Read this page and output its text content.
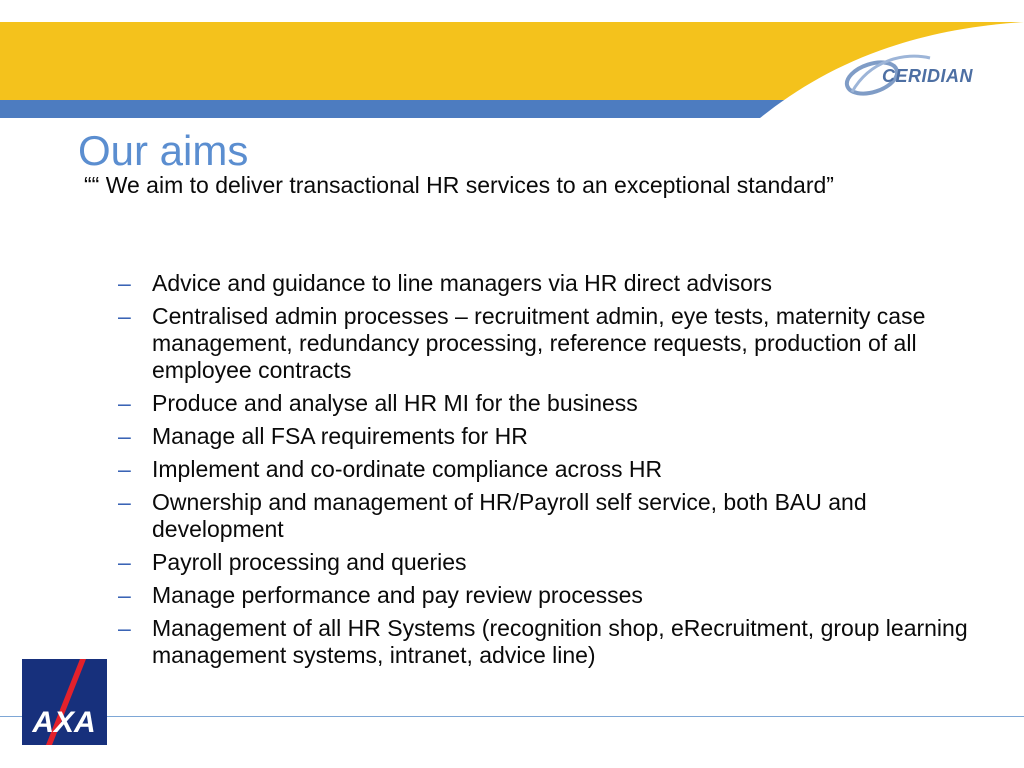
CERIDIAN
Our aims
““ We aim to deliver transactional HR services to an exceptional standard”
– Advice and guidance to line managers via HR direct advisors
– Centralised admin processes – recruitment admin, eye tests, maternity case management, redundancy processing, reference requests, production of all employee contracts
– Produce and analyse all HR MI for the business
– Manage all FSA requirements for HR
– Implement and co-ordinate compliance across HR
– Ownership and management of HR/Payroll self service, both BAU and development
– Payroll processing and queries
– Manage performance and pay review processes
– Management of all HR Systems (recognition shop, eRecruitment, group learning management systems, intranet, advice line)
AXA
